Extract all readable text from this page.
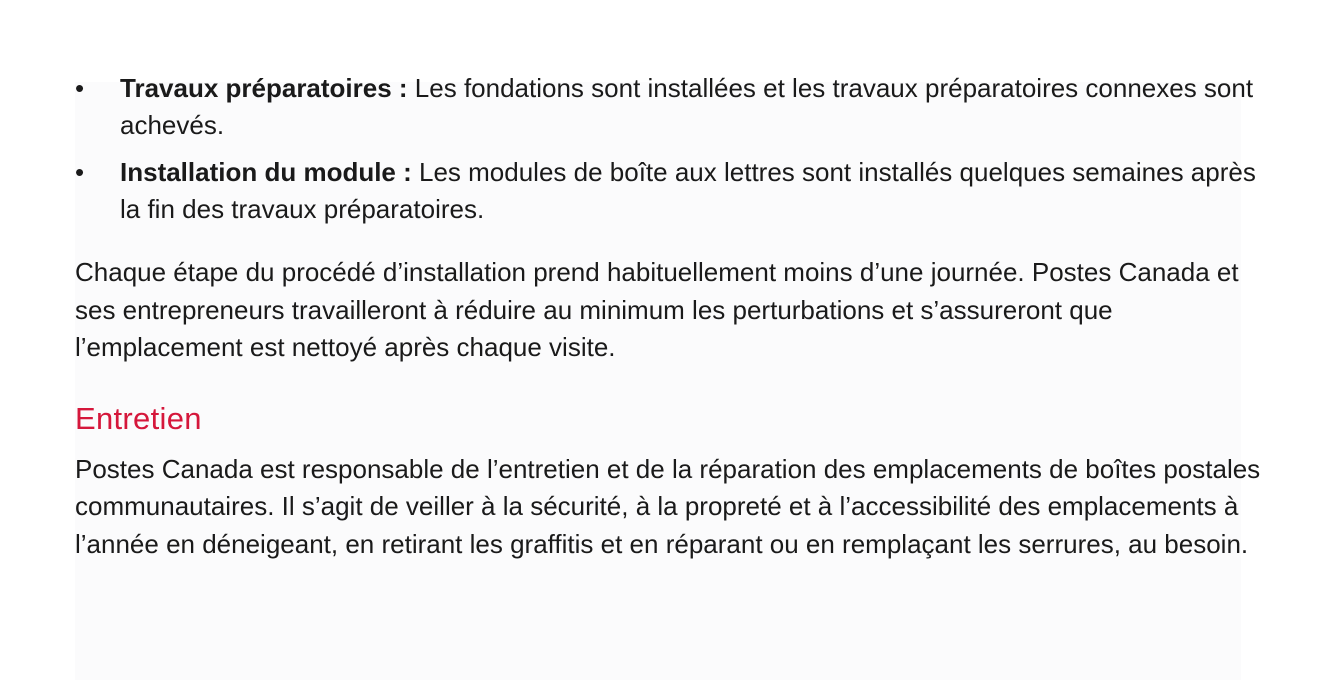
•	Travaux préparatoires : Les fondations sont installées et les travaux préparatoires connexes sont achevés.
•	Installation du module : Les modules de boîte aux lettres sont installés quelques semaines après la fin des travaux préparatoires.

Chaque étape du procédé d’installation prend habituellement moins d’une journée. Postes Canada et ses entrepreneurs travailleront à réduire au minimum les perturbations et s’assureront que l’emplacement est nettoyé après chaque visite.

Entretien

Postes Canada est responsable de l’entretien et de la réparation des emplacements de boîtes postales communautaires. Il s’agit de veiller à la sécurité, à la propreté et à l’accessibilité des emplacements à l’année en déneigeant, en retirant les graffitis et en réparant ou en remplaçant les serrures, au besoin.
